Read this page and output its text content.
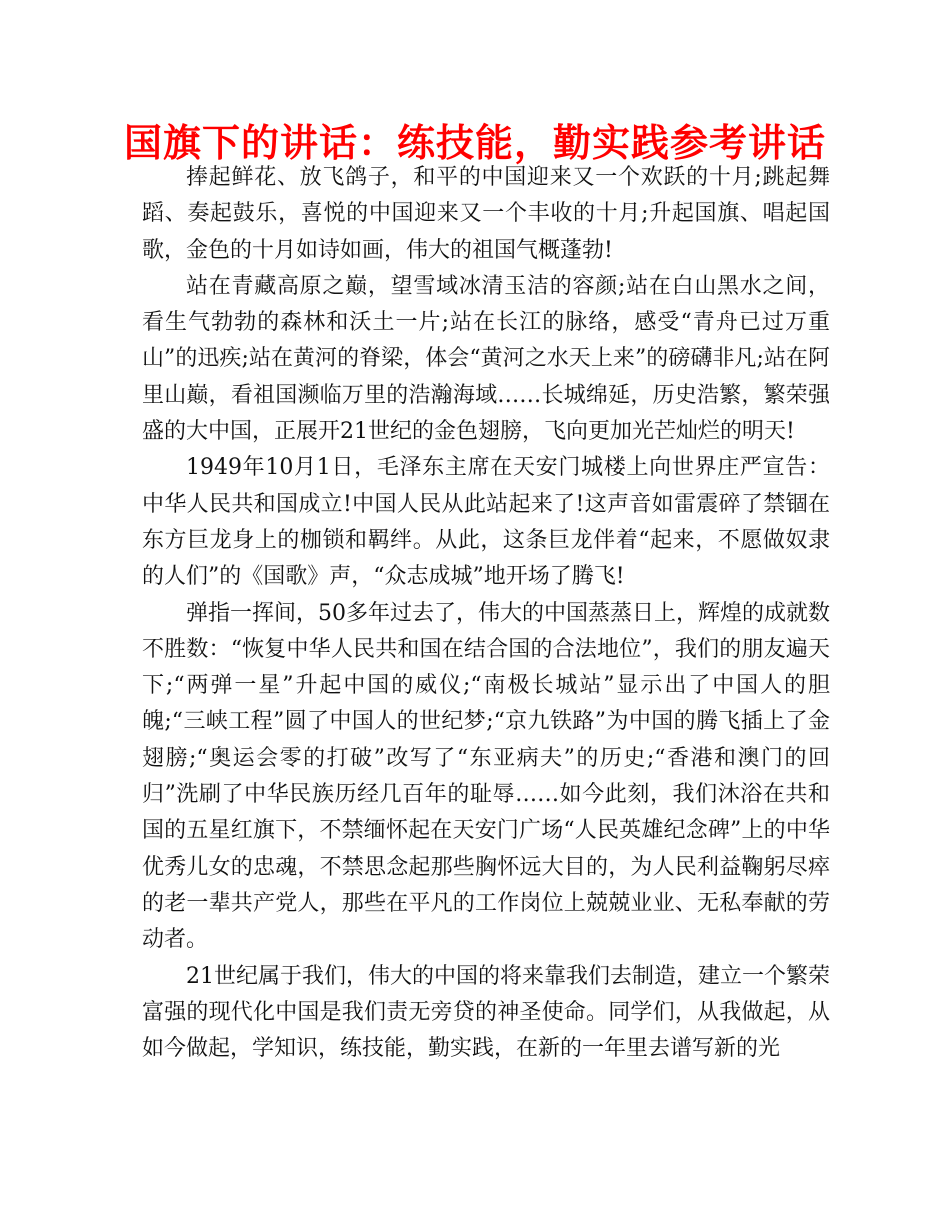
国旗下的讲话：练技能，勤实践参考讲话

捧起鲜花、放飞鸽子，和平的中国迎来又一个欢跃的十月;跳起舞蹈、奏起鼓乐，喜悦的中国迎来又一个丰收的十月;升起国旗、唱起国歌，金色的十月如诗如画，伟大的祖国气概蓬勃!

站在青藏高原之巅，望雪域冰清玉洁的容颜;站在白山黑水之间，看生气勃勃的森林和沃土一片;站在长江的脉络，感受“青舟已过万重山”的迅疾;站在黄河的脊梁，体会“黄河之水天上来”的磅礴非凡;站在阿里山巅，看祖国濒临万里的浩瀚海域……长城绵延，历史浩繁，繁荣强盛的大中国，正展开21世纪的金色翅膀，飞向更加光芒灿烂的明天!

1949年10月1日，毛泽东主席在天安门城楼上向世界庄严宣告：中华人民共和国成立!中国人民从此站起来了!这声音如雷震碎了禁锢在东方巨龙身上的枷锁和羁绊。从此，这条巨龙伴着“起来，不愿做奴隶的人们”的《国歌》声，“众志成城”地开场了腾飞!

弹指一挥间，50多年过去了，伟大的中国蒸蒸日上，辉煌的成就数不胜数：“恢复中华人民共和国在结合国的合法地位”，我们的朋友遍天下;“两弹一星”升起中国的威仪;“南极长城站”显示出了中国人的胆魄;“三峡工程”圆了中国人的世纪梦;“京九铁路”为中国的腾飞插上了金翅膀;“奥运会零的打破”改写了“东亚病夫”的历史;“香港和澳门的回归”洗刷了中华民族历经几百年的耻辱……如今此刻，我们沐浴在共和国的五星红旗下，不禁缅怀起在天安门广场“人民英雄纪念碑”上的中华优秀儿女的忠魂，不禁思念起那些胸怀远大目的，为人民利益鞠躬尽瘁的老一辈共产党人，那些在平凡的工作岗位上兢兢业业、无私奉献的劳动者。

21世纪属于我们，伟大的中国的将来靠我们去制造，建立一个繁荣富强的现代化中国是我们责无旁贷的神圣使命。同学们，从我做起，从如今做起，学知识，练技能，勤实践，在新的一年里去谱写新的光
